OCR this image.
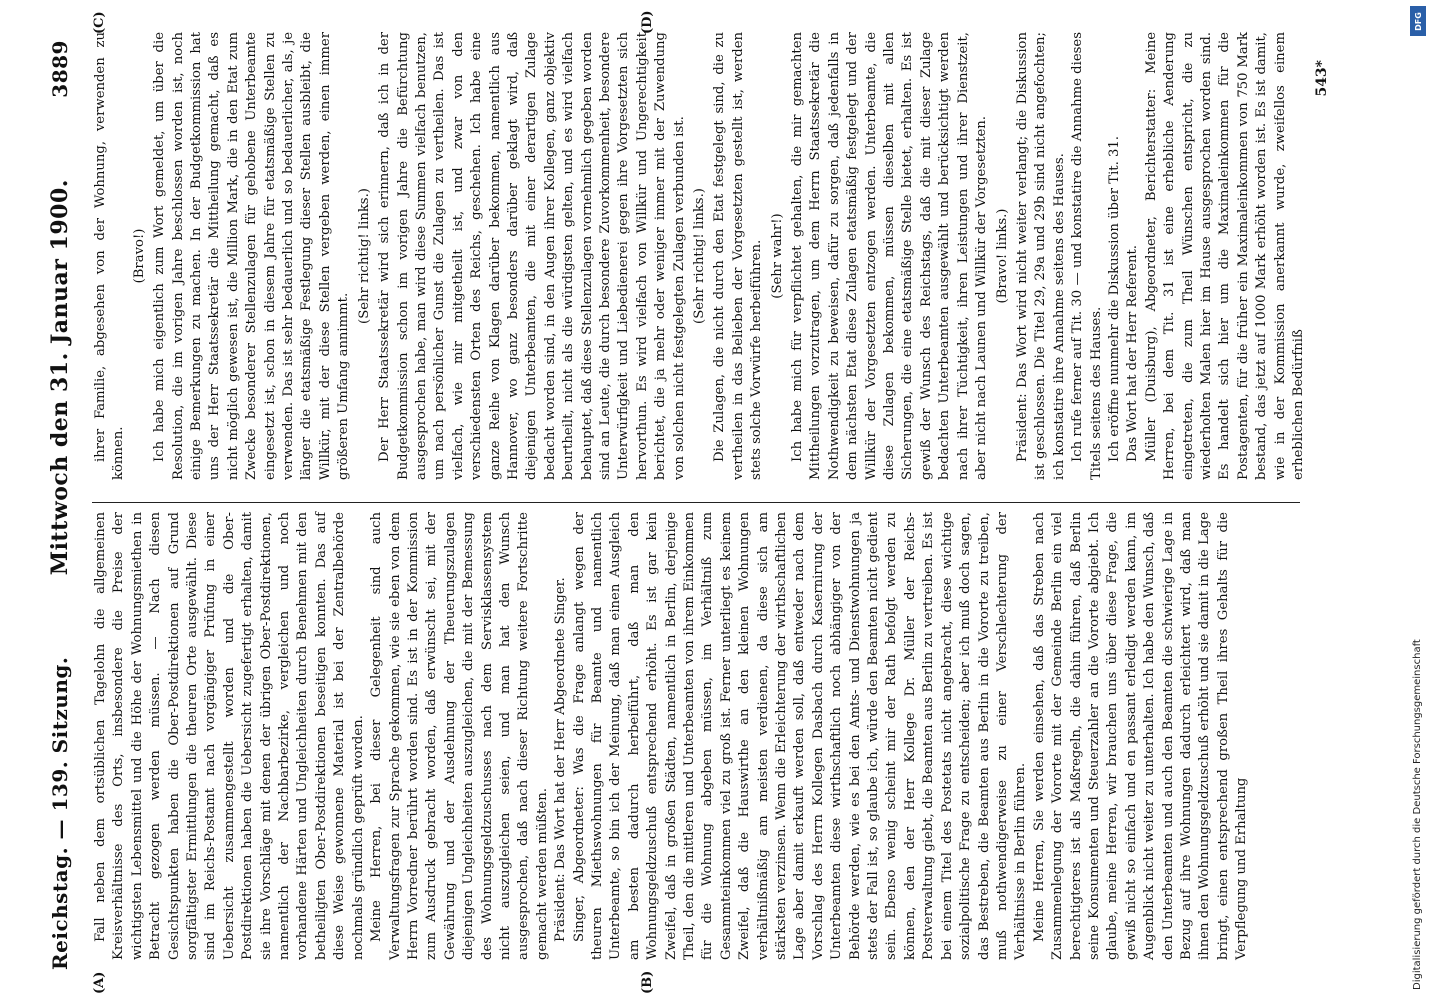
Reichstag. — 139. Sitzung.
Mittwoch den 31. Januar 1900.
3889
(A)	(B)
(C)	(D)

Fall neben dem ortsüblichen Tagelohn die allgemeinen Kreisverhältnisse des Orts, insbesondere die Preise der wichtigsten Lebensmittel und die Höhe der Wohnungsmiethen in Betracht gezogen werden müssen. — Nach diesen Gesichtspunkten haben die Ober-Postdirektionen auf Grund sorgfältigster Ermittlungen die theuren Orte ausgewählt. Diese sind im Reichs-Postamt nach vorgängiger Prüfung in einer Uebersicht zusammengestellt worden und die Ober-Postdirektionen haben die Uebersicht zugefertigt erhalten, damit sie ihre Vorschläge mit denen der übrigen Ober-Postdirektionen, namentlich der Nachbarbezirke, vergleichen und noch vorhandene Härten und Ungleichheiten durch Benehmen mit den betheiligten Ober-Postdirektionen beseitigen konnten. Das auf diese Weise gewonnene Material ist bei der Zentralbehörde nochmals gründlich geprüft worden. Meine Herren, bei dieser Gelegenheit sind auch Verwaltungsfragen zur Sprache gekommen, wie sie eben von dem Herrn Vorredner berührt worden sind. Es ist in der Kommission zum Ausdruck gebracht worden, daß erwünscht sei, mit der Gewährung und der Ausdehnung der Theuerungszulagen diejenigen Ungleichheiten auszugleichen, die mit der Bemessung des Wohnungsgeldzuschusses nach dem Servisklassensystem nicht auszugleichen seien, und man hat den Wunsch ausgesprochen, daß nach dieser Richtung weitere Fortschritte gemacht werden müßten. Präsident: Das Wort hat der Herr Abgeordnete Singer. Singer, Abgeordneter: Was die Frage anlangt wegen der theuren Miethswohnungen für Beamte und namentlich Unterbeamte, so bin ich der Meinung, daß man einen Ausgleich am besten dadurch herbeiführt, daß man den Wohnungsgeldzuschuß entsprechend erhöht. Es ist gar kein Zweifel, daß in großen Städten, namentlich in Berlin, derjenige Theil, den die mittleren und Unterbeamten von ihrem Einkommen für die Wohnung abgeben müssen, im Verhältniß zum Gesammteinkommen viel zu groß ist. Ferner unterliegt es keinem Zweifel, daß die Hauswirthe an den kleinen Wohnungen verhältnißmäßig am meisten verdienen, da diese sich am stärksten verzinsen. Wenn die Erleichterung der wirthschaftlichen Lage aber damit erkauft werden soll, daß entweder nach dem Vorschlag des Herrn Kollegen Dasbach durch Kasernirung der Unterbeamten diese wirthschaftlich noch abhängiger von der Behörde werden, wie es bei den Amts- und Dienstwohnungen ja stets der Fall ist, so glaube ich, würde den Beamten nicht gedient sein. Ebenso wenig scheint mir der Rath befolgt werden zu können, den der Herr Kollege Dr. Müller der Reichs-Postverwaltung giebt, die Beamten aus Berlin zu vertreiben. Es ist bei einem Titel des Postetats nicht angebracht, diese wichtige sozialpolitische Frage zu entscheiden; aber ich muß doch sagen, das Bestreben, die Beamten aus Berlin in die Vororte zu treiben, muß nothwendigerweise zu einer Verschlechterung der Verhältnisse in Berlin führen. Meine Herren, Sie werden einsehen, daß das Streben nach Zusammenlegung der Vororte mit der Gemeinde Berlin ein viel berechtigteres ist als Maßregeln, die dahin führen, daß Berlin seine Konsumenten und Steuerzahler an die Vororte abgiebt. Ich glaube, meine Herren, wir brauchen uns über diese Frage, die gewiß nicht so einfach und en passant erledigt werden kann, im Augenblick nicht weiter zu unterhalten. Ich habe den Wunsch, daß den Unterbeamten und auch den Beamten die schwierige Lage in Bezug auf ihre Wohnungen dadurch erleichtert wird, daß man ihnen den Wohnungsgeldzuschuß erhöht und sie damit in die Lage bringt, einen entsprechend großen Theil ihres Gehalts für die Verpflegung und Erhaltung

ihrer Familie, abgesehen von der Wohnung, verwenden zu können.

(Bravo!) Ich habe mich eigentlich zum Wort gemeldet, um über die Resolution, die im vorigen Jahre beschlossen worden ist, noch einige Bemerkungen zu machen. In der Budgetkommission hat uns der Herr Staatssekretär die Mittheilung gemacht, daß es nicht möglich gewesen ist, die Million Mark, die in den Etat zum Zwecke besonderer Stellenzulagen für gehobene Unterbeamte eingesetzt ist, schon in diesem Jahre für etatsmäßige Stellen zu verwenden. Das ist sehr bedauerlich und so bedauerlicher, als, je länger die etatsmäßige Festlegung dieser Stellen ausbleibt, die Willkür, mit der diese Stellen vergeben werden, einen immer größeren Umfang annimmt.

(Sehr richtig! links.) Der Herr Staatssekretär wird sich erinnern, daß ich in der Budgetkommission schon im vorigen Jahre die Befürchtung ausgesprochen habe, man wird diese Summen vielfach benutzen, um nach persönlicher Gunst die Zulagen zu vertheilen. Das ist vielfach, wie mir mitgetheilt ist, und zwar von den verschiedensten Orten des Reichs, geschehen. Ich habe eine ganze Reihe von Klagen darüber bekommen, namentlich aus Hannover, wo ganz besonders darüber geklagt wird, daß diejenigen Unterbeamten, die mit einer derartigen Zulage bedacht worden sind, in den Augen ihrer Kollegen, ganz objektiv beurtheilt, nicht als die würdigsten gelten, und es wird vielfach behauptet, daß diese Stellenzulagen vornehmlich gegeben worden sind an Leute, die durch besondere Zuvorkommenheit, besondere Unterwürfigkeit und Liebedienerei gegen ihre Vorgesetzten sich hervorthun. Es wird vielfach von Willkür und Ungerechtigkeit berichtet, die ja mehr oder weniger immer mit der Zuwendung von solchen nicht festgelegten Zulagen verbunden ist. (Sehr richtig! links.) Die Zulagen, die nicht durch den Etat festgelegt sind, die zu vertheilen in das Belieben der Vorgesetzten gestellt ist, werden stets solche Vorwürfe herbeiführen. (Sehr wahr!) Ich habe mich für verpflichtet gehalten, die mir gemachten Mittheilungen vorzutragen, um dem Herrn Staatssekretär die Nothwendigkeit zu beweisen, dafür zu sorgen, daß jedenfalls in dem nächsten Etat diese Zulagen etatsmäßig festgelegt und der Willkür der Vorgesetzten entzogen werden. Unterbeamte, die diese Zulagen bekommen, müssen dieselben mit allen Sicherungen, die eine etatsmäßige Stelle bietet, erhalten. Es ist gewiß der Wunsch des Reichstags, daß die mit dieser Zulage bedachten Unterbeamten ausgewählt und berücksichtigt werden nach ihrer Tüchtigkeit, ihren Leistungen und ihrer Dienstzeit, aber nicht nach Launen und Willkür der Vorgesetzten. (Bravo! links.) Präsident: Das Wort wird nicht weiter verlangt; die Diskussion ist geschlossen. Die Titel 29, 29a und 29b sind nicht angefochten; ich konstatire ihre Annahme seitens des Hauses. Ich rufe ferner auf Tit. 30 — und konstatire die Annahme dieses Titels seitens des Hauses. Ich eröffne nunmehr die Diskussion über Tit. 31. Das Wort hat der Herr Referent. Müller (Duisburg), Abgeordneter, Berichterstatter: Meine Herren, bei dem Tit. 31 ist eine erhebliche Aenderung eingetreten, die zum Theil Wünschen entspricht, die zu wiederholten Malen hier im Hause ausgesprochen worden sind. Es handelt sich hier um die Maximaleinkommen für die Postagenten, für die früher ein Maximaleinkommen von 750 Mark bestand, das jetzt auf 1000 Mark erhöht worden ist. Es ist damit, wie in der Kommission anerkannt wurde, zweifellos einem erheblichen Bedürfniß

543*
DFG
Digitalisierung gefördert durch die Deutsche Forschungsgemeinschaft
